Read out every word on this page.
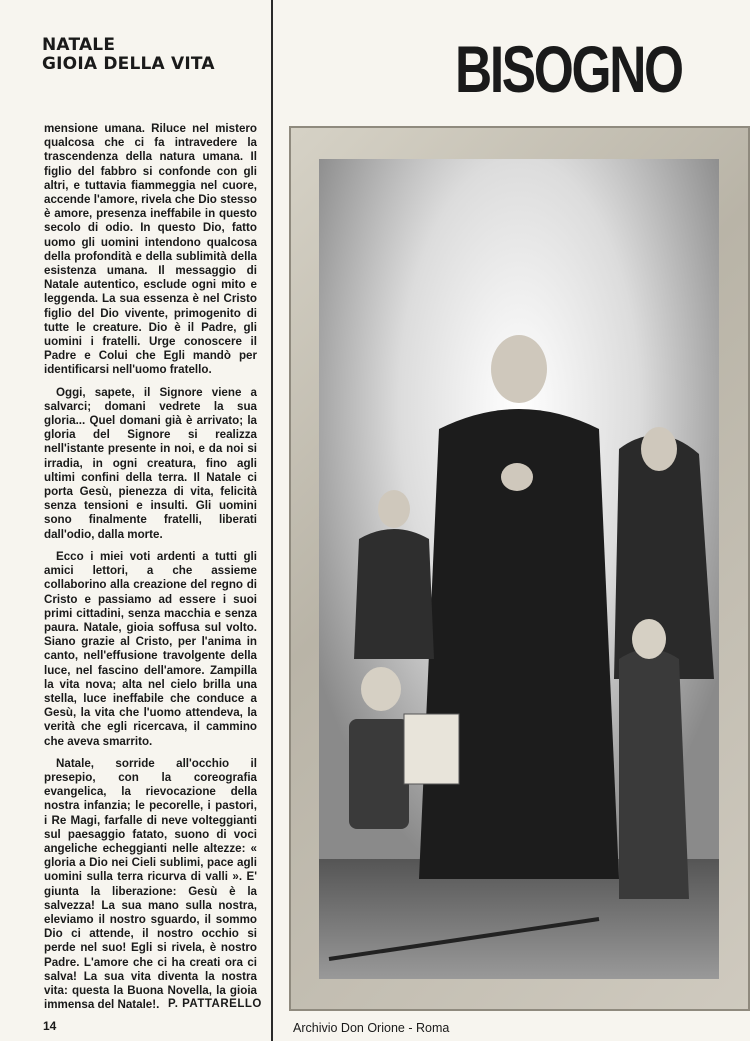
NATALE
GIOIA DELLA VITA

mensione umana. Riluce nel mistero qualcosa che ci fa intravedere la trascendenza della natura umana. Il figlio del fabbro si confonde con gli altri, e tuttavia fiammeggia nel cuore, accende l'amore, rivela che Dio stesso è amore, presenza ineffabile in questo secolo di odio. In questo Dio, fatto uomo gli uomini intendono qualcosa della profondità e della sublimità della esistenza umana. Il messaggio di Natale autentico, esclude ogni mito e leggenda. La sua essenza è nel Cristo figlio del Dio vivente, primogenito di tutte le creature. Dio è il Padre, gli uomini i fratelli. Urge conoscere il Padre e Colui che Egli mandò per identificarsi nell'uomo fratello.

Oggi, sapete, il Signore viene a salvarci; domani vedrete la sua gloria... Quel domani già è arrivato; la gloria del Signore si realizza nell'istante presente in noi, e da noi si irradia, in ogni creatura, fino agli ultimi confini della terra. Il Natale ci porta Gesù, pienezza di vita, felicità senza tensioni e insulti. Gli uomini sono finalmente fratelli, liberati dall'odio, dalla morte.

Ecco i miei voti ardenti a tutti gli amici lettori, a che assieme collaborino alla creazione del regno di Cristo e passiamo ad essere i suoi primi cittadini, senza macchia e senza paura. Natale, gioia soffusa sul volto. Siano grazie al Cristo, per l'anima in canto, nell'effusione travolgente della luce, nel fascino dell'amore. Zampilla la vita nova; alta nel cielo brilla una stella, luce ineffabile che conduce a Gesù, la vita che l'uomo attendeva, la verità che egli ricercava, il cammino che aveva smarrito.

Natale, sorride all'occhio il presepio, con la coreografia evangelica, la rievocazione della nostra infanzia; le pecorelle, i pastori, i Re Magi, farfalle di neve volteggianti sul paesaggio fatato, suono di voci angeliche echeggianti nelle altezze: « gloria a Dio nei Cieli sublimi, pace agli uomini sulla terra ricurva di valli ». E' giunta la liberazione: Gesù è la salvezza! La sua mano sulla nostra, eleviamo il nostro sguardo, il sommo Dio ci attende, il nostro occhio si perde nel suo! Egli si rivela, è nostro Padre. L'amore che ci ha creati ora ci salva! La sua vita diventa la nostra vita: questa la Buona Novella, la gioia immensa del Natale!. P. PATTARELLO
14
BISOGNO
Archivio Don Orione - Roma
